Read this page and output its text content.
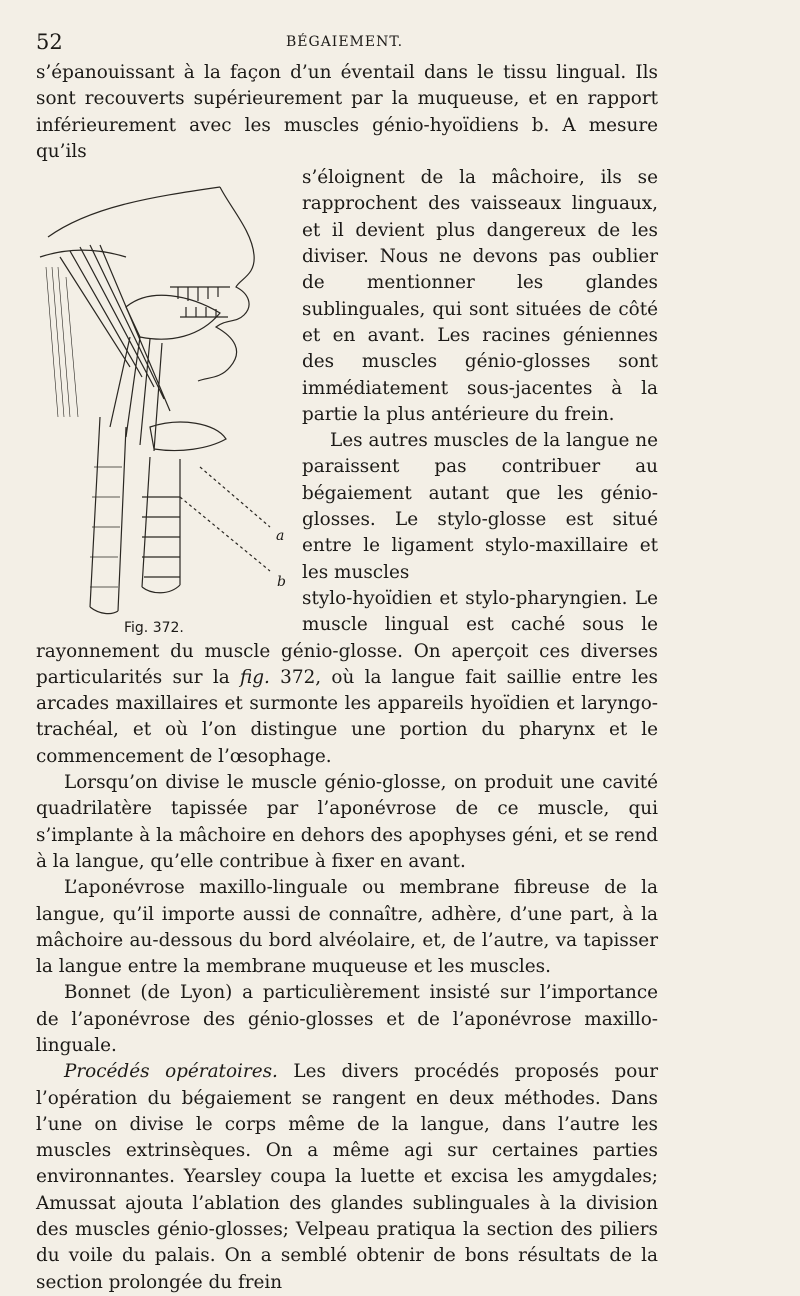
52	BÉGAIEMENT.

s’épanouissant à la façon d’un éventail dans le tissu lingual. Ils sont recouverts supérieurement par la muqueuse, et en rapport inférieurement avec les muscles génio-hyoïdiens b. A mesure qu’ils

a
b
Fig. 372.

s’éloignent de la mâchoire, ils se rapprochent des vaisseaux linguaux, et il devient plus dangereux de les diviser. Nous ne devons pas oublier de mentionner les glandes sublinguales, qui sont situées de côté et en avant. Les racines géniennes des muscles génio-glosses sont immédiatement sous-jacentes à la partie la plus antérieure du frein.

Les autres muscles de la langue ne paraissent pas contribuer au bégaiement autant que les génio-glosses. Le stylo-glosse est situé entre le ligament stylo-maxillaire et les muscles

stylo-hyoïdien et stylo-pharyngien. Le muscle lingual est caché sous le rayonnement du muscle génio-glosse. On aperçoit ces diverses particularités sur la fig. 372, où la langue fait saillie entre les arcades maxillaires et surmonte les appareils hyoïdien et laryngo-trachéal, et où l’on distingue une portion du pharynx et le commencement de l’œsophage.

Lorsqu’on divise le muscle génio-glosse, on produit une cavité quadrilatère tapissée par l’aponévrose de ce muscle, qui s’implante à la mâchoire en dehors des apophyses géni, et se rend à la langue, qu’elle contribue à fixer en avant.

L’aponévrose maxillo-linguale ou membrane fibreuse de la langue, qu’il importe aussi de connaître, adhère, d’une part, à la mâchoire au-dessous du bord alvéolaire, et, de l’autre, va tapisser la langue entre la membrane muqueuse et les muscles.

Bonnet (de Lyon) a particulièrement insisté sur l’importance de l’aponévrose des génio-glosses et de l’aponévrose maxillo-linguale.

Procédés opératoires. Les divers procédés proposés pour l’opération du bégaiement se rangent en deux méthodes. Dans l’une on divise le corps même de la langue, dans l’autre les muscles extrinsèques. On a même agi sur certaines parties environnantes. Yearsley coupa la luette et excisa les amygdales; Amussat ajouta l’ablation des glandes sublinguales à la division des muscles génio-glosses; Velpeau pratiqua la section des piliers du voile du palais. On a semblé obtenir de bons résultats de la section prolongée du frein
